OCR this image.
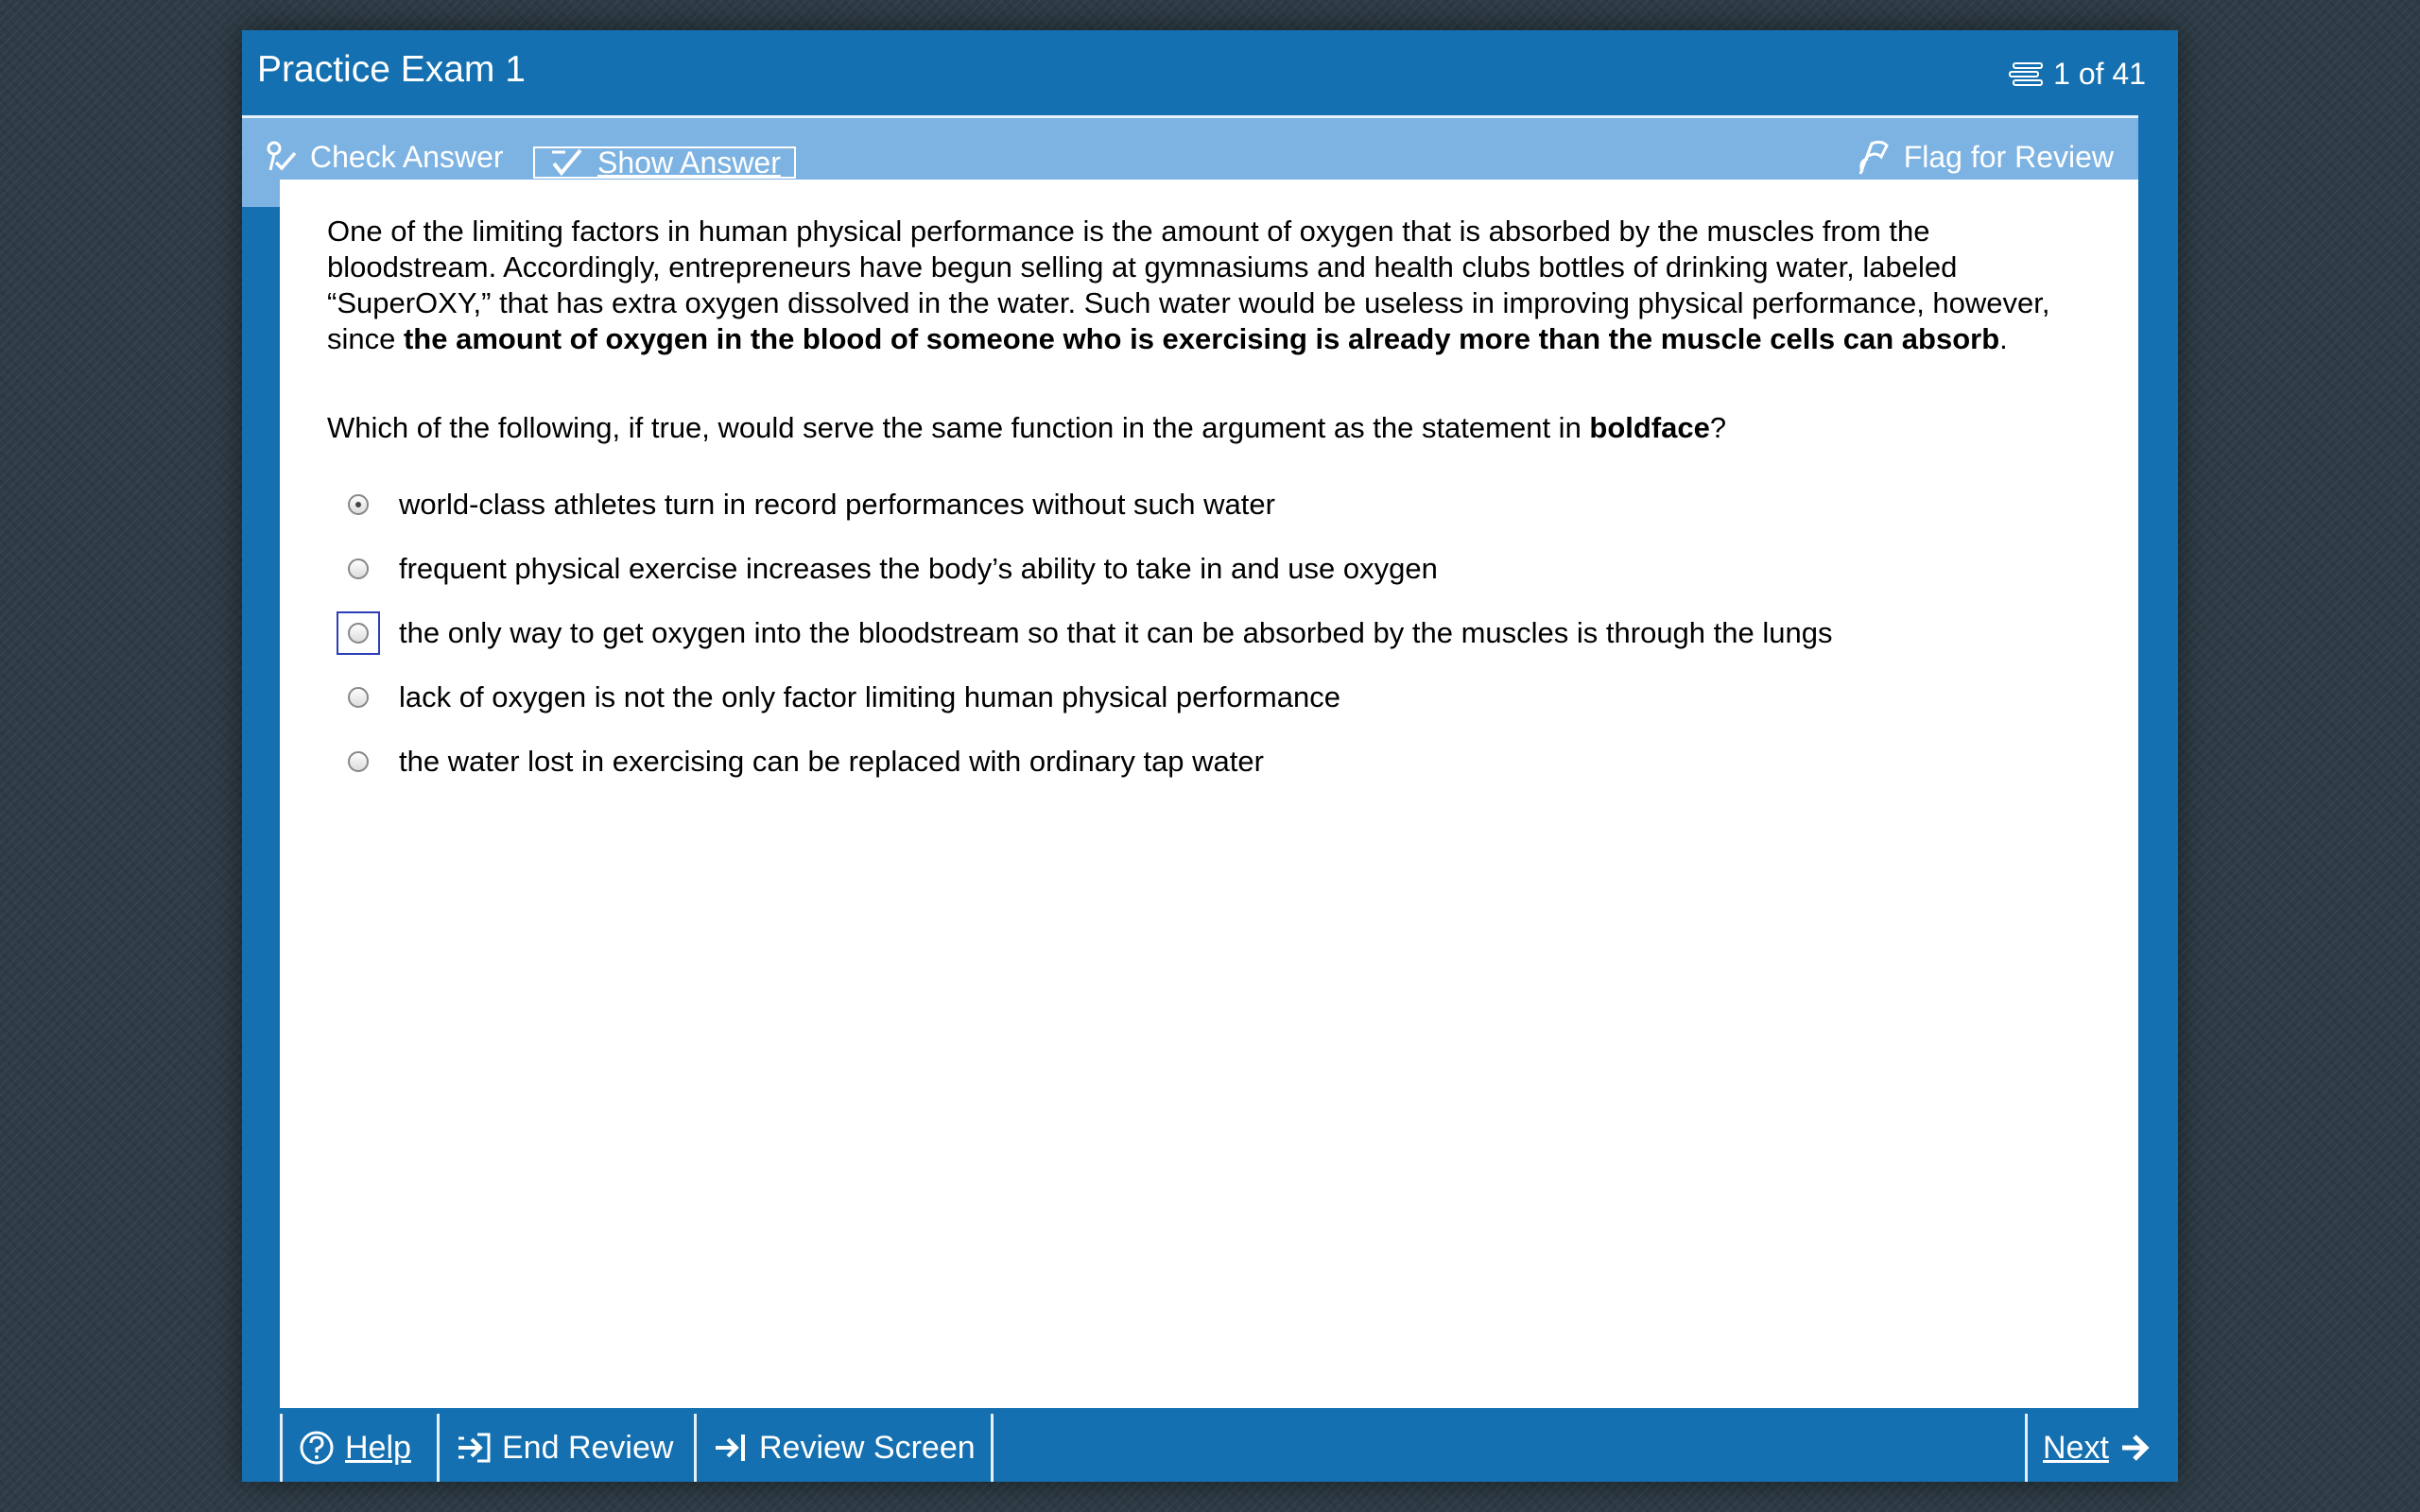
Practice Exam 1	1 of 41
Check Answer	Show Answer	Flag for Review

One of the limiting factors in human physical performance is the amount of oxygen that is absorbed by the muscles from the bloodstream. Accordingly, entrepreneurs have begun selling at gymnasiums and health clubs bottles of drinking water, labeled “SuperOXY,” that has extra oxygen dissolved in the water. Such water would be useless in improving physical performance, however, since the amount of oxygen in the blood of someone who is exercising is already more than the muscle cells can absorb.

Which of the following, if true, would serve the same function in the argument as the statement in boldface?

world-class athletes turn in record performances without such water
frequent physical exercise increases the body’s ability to take in and use oxygen
the only way to get oxygen into the bloodstream so that it can be absorbed by the muscles is through the lungs
lack of oxygen is not the only factor limiting human physical performance
the water lost in exercising can be replaced with ordinary tap water
Help	End Review	Review Screen	Next
